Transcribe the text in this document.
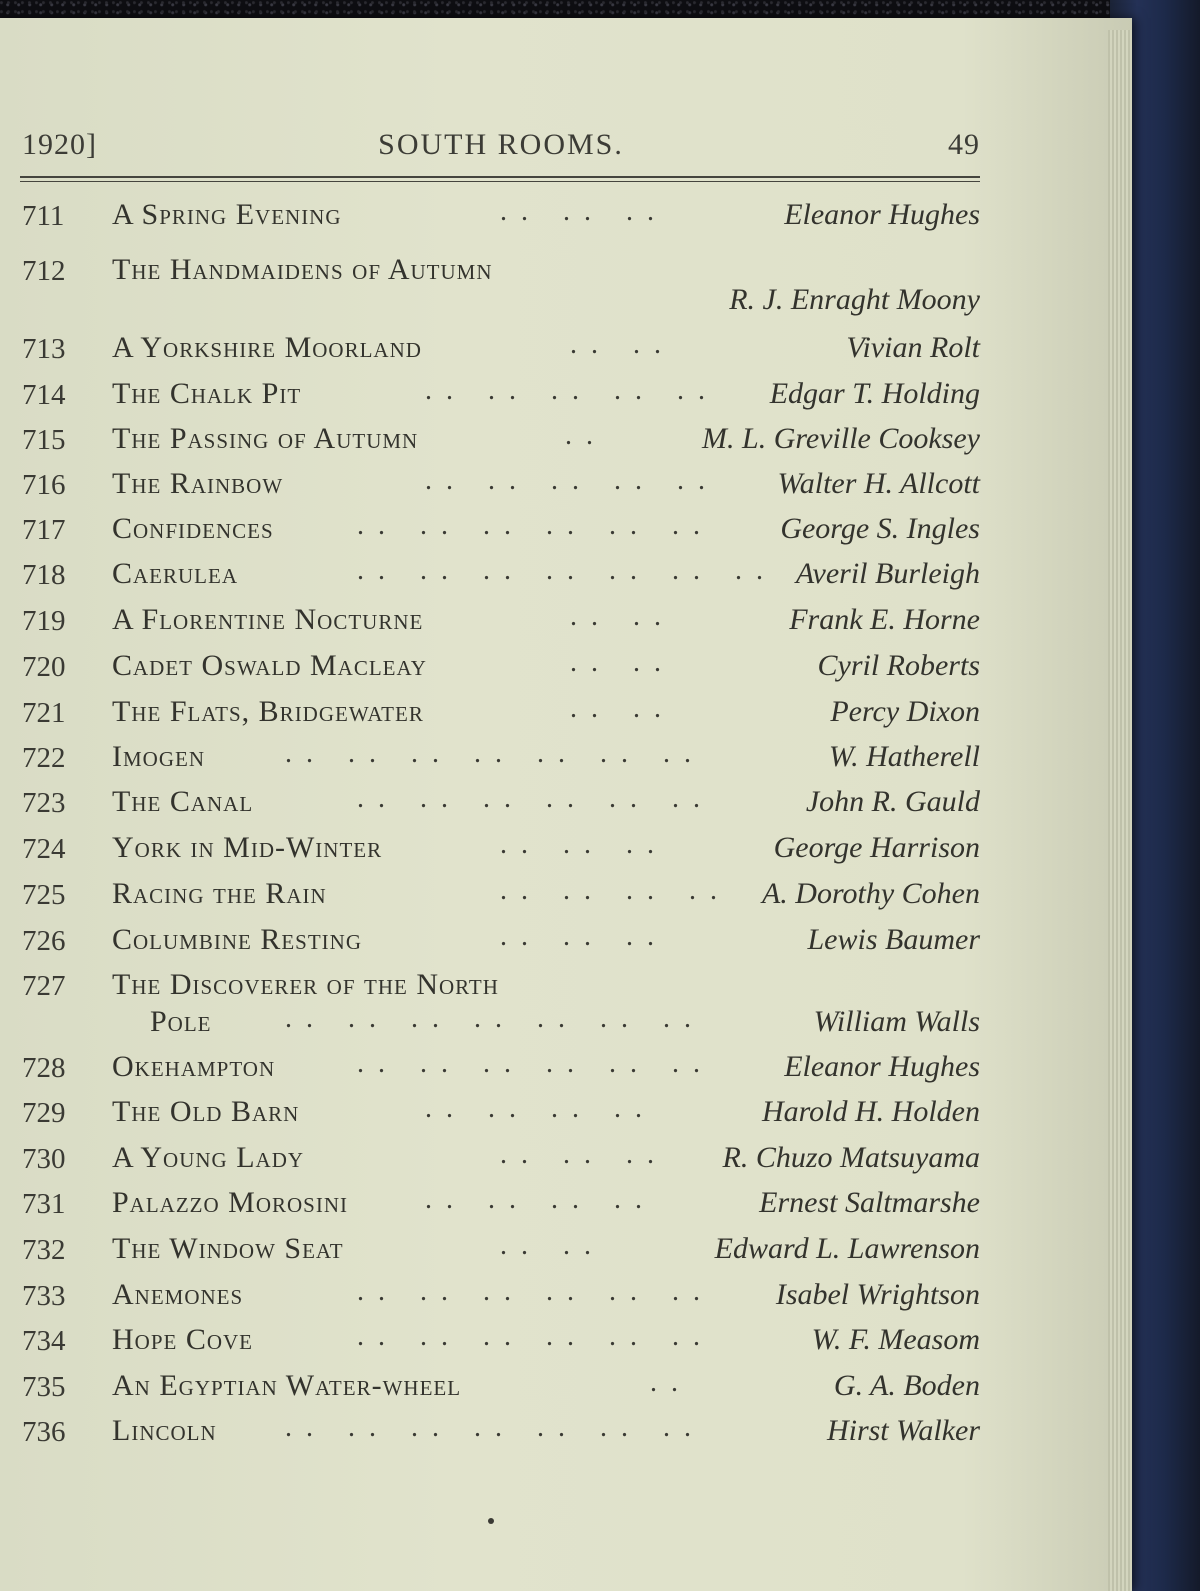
1920]	SOUTH ROOMS.	49
711 A Spring Evening	.. .. ..	Eleanor Hughes
712 The Handmaidens of Autumn
R. J. Enraght Moony
713 A Yorkshire Moorland	.. ..	Vivian Rolt
714 The Chalk Pit	.. .. .. .. .. Edgar T. Holding
715 The Passing of Autumn	..	M. L. Greville Cooksey
716 The Rainbow	.. .. .. .. .. Walter H. Allcott
717 Confidences	.. .. .. .. .. .. George S. Ingles
718 Caerulea	.. .. .. .. .. .. .. Averil Burleigh
719 A Florentine Nocturne	.. ..	Frank E. Horne
720 Cadet Oswald Macleay	.. ..	Cyril Roberts
721 The Flats, Bridgewater	.. ..	Percy Dixon
722 Imogen	.. .. .. .. .. .. ..	W. Hatherell
723 The Canal	.. .. .. .. .. ..	John R. Gauld
724 York in Mid-Winter	.. .. ..	George Harrison
725 Racing the Rain	.. .. .. .. A. Dorothy Cohen
726 Columbine Resting	.. .. ..	Lewis Baumer
727 The Discoverer of the North
Pole	.. .. .. .. .. .. ..	William Walls
728 Okehampton	.. .. .. .. .. .. Eleanor Hughes
729 The Old Barn	.. .. .. ..	Harold H. Holden
730 A Young Lady	.. .. .. R. Chuzo Matsuyama
731 Palazzo Morosini	.. .. .. ..	Ernest Saltmarshe
732 The Window Seat	.. ..	Edward L. Lawrenson
733 Anemones	.. .. .. .. .. .. Isabel Wrightson
734 Hope Cove	.. .. .. .. .. ..	W. F. Measom
735 An Egyptian Water-wheel	..	G. A. Boden
736 Lincoln .. .. .. .. .. .. ..	Hirst Walker
